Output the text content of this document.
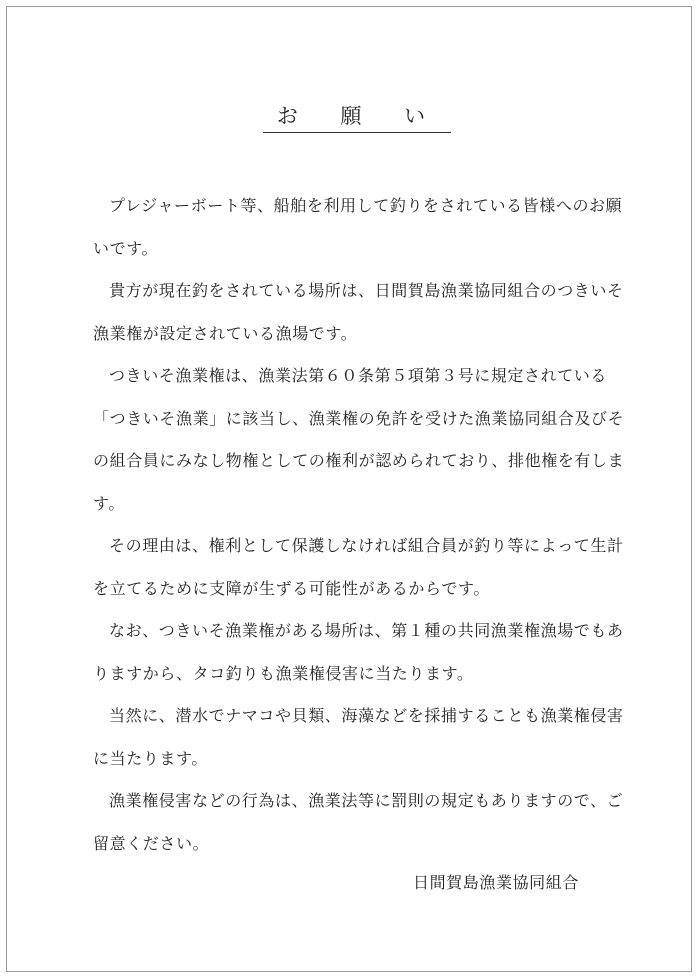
お 願 い

プレジャーボート等、船舶を利用して釣りをされている皆様へのお願いです。

貴方が現在釣をされている場所は、日間賀島漁業協同組合のつきいそ漁業権が設定されている漁場です。

つきいそ漁業権は、漁業法第６０条第５項第３号に規定されている「つきいそ漁業」に該当し、漁業権の免許を受けた漁業協同組合及びその組合員にみなし物権としての権利が認められており、排他権を有します。

その理由は、権利として保護しなければ組合員が釣り等によって生計を立てるために支障が生ずる可能性があるからです。

なお、つきいそ漁業権がある場所は、第１種の共同漁業権漁場でもありますから、タコ釣りも漁業権侵害に当たります。

当然に、潜水でナマコや貝類、海藻などを採捕することも漁業権侵害に当たります。

漁業権侵害などの行為は、漁業法等に罰則の規定もありますので、ご留意ください。

日間賀島漁業協同組合
